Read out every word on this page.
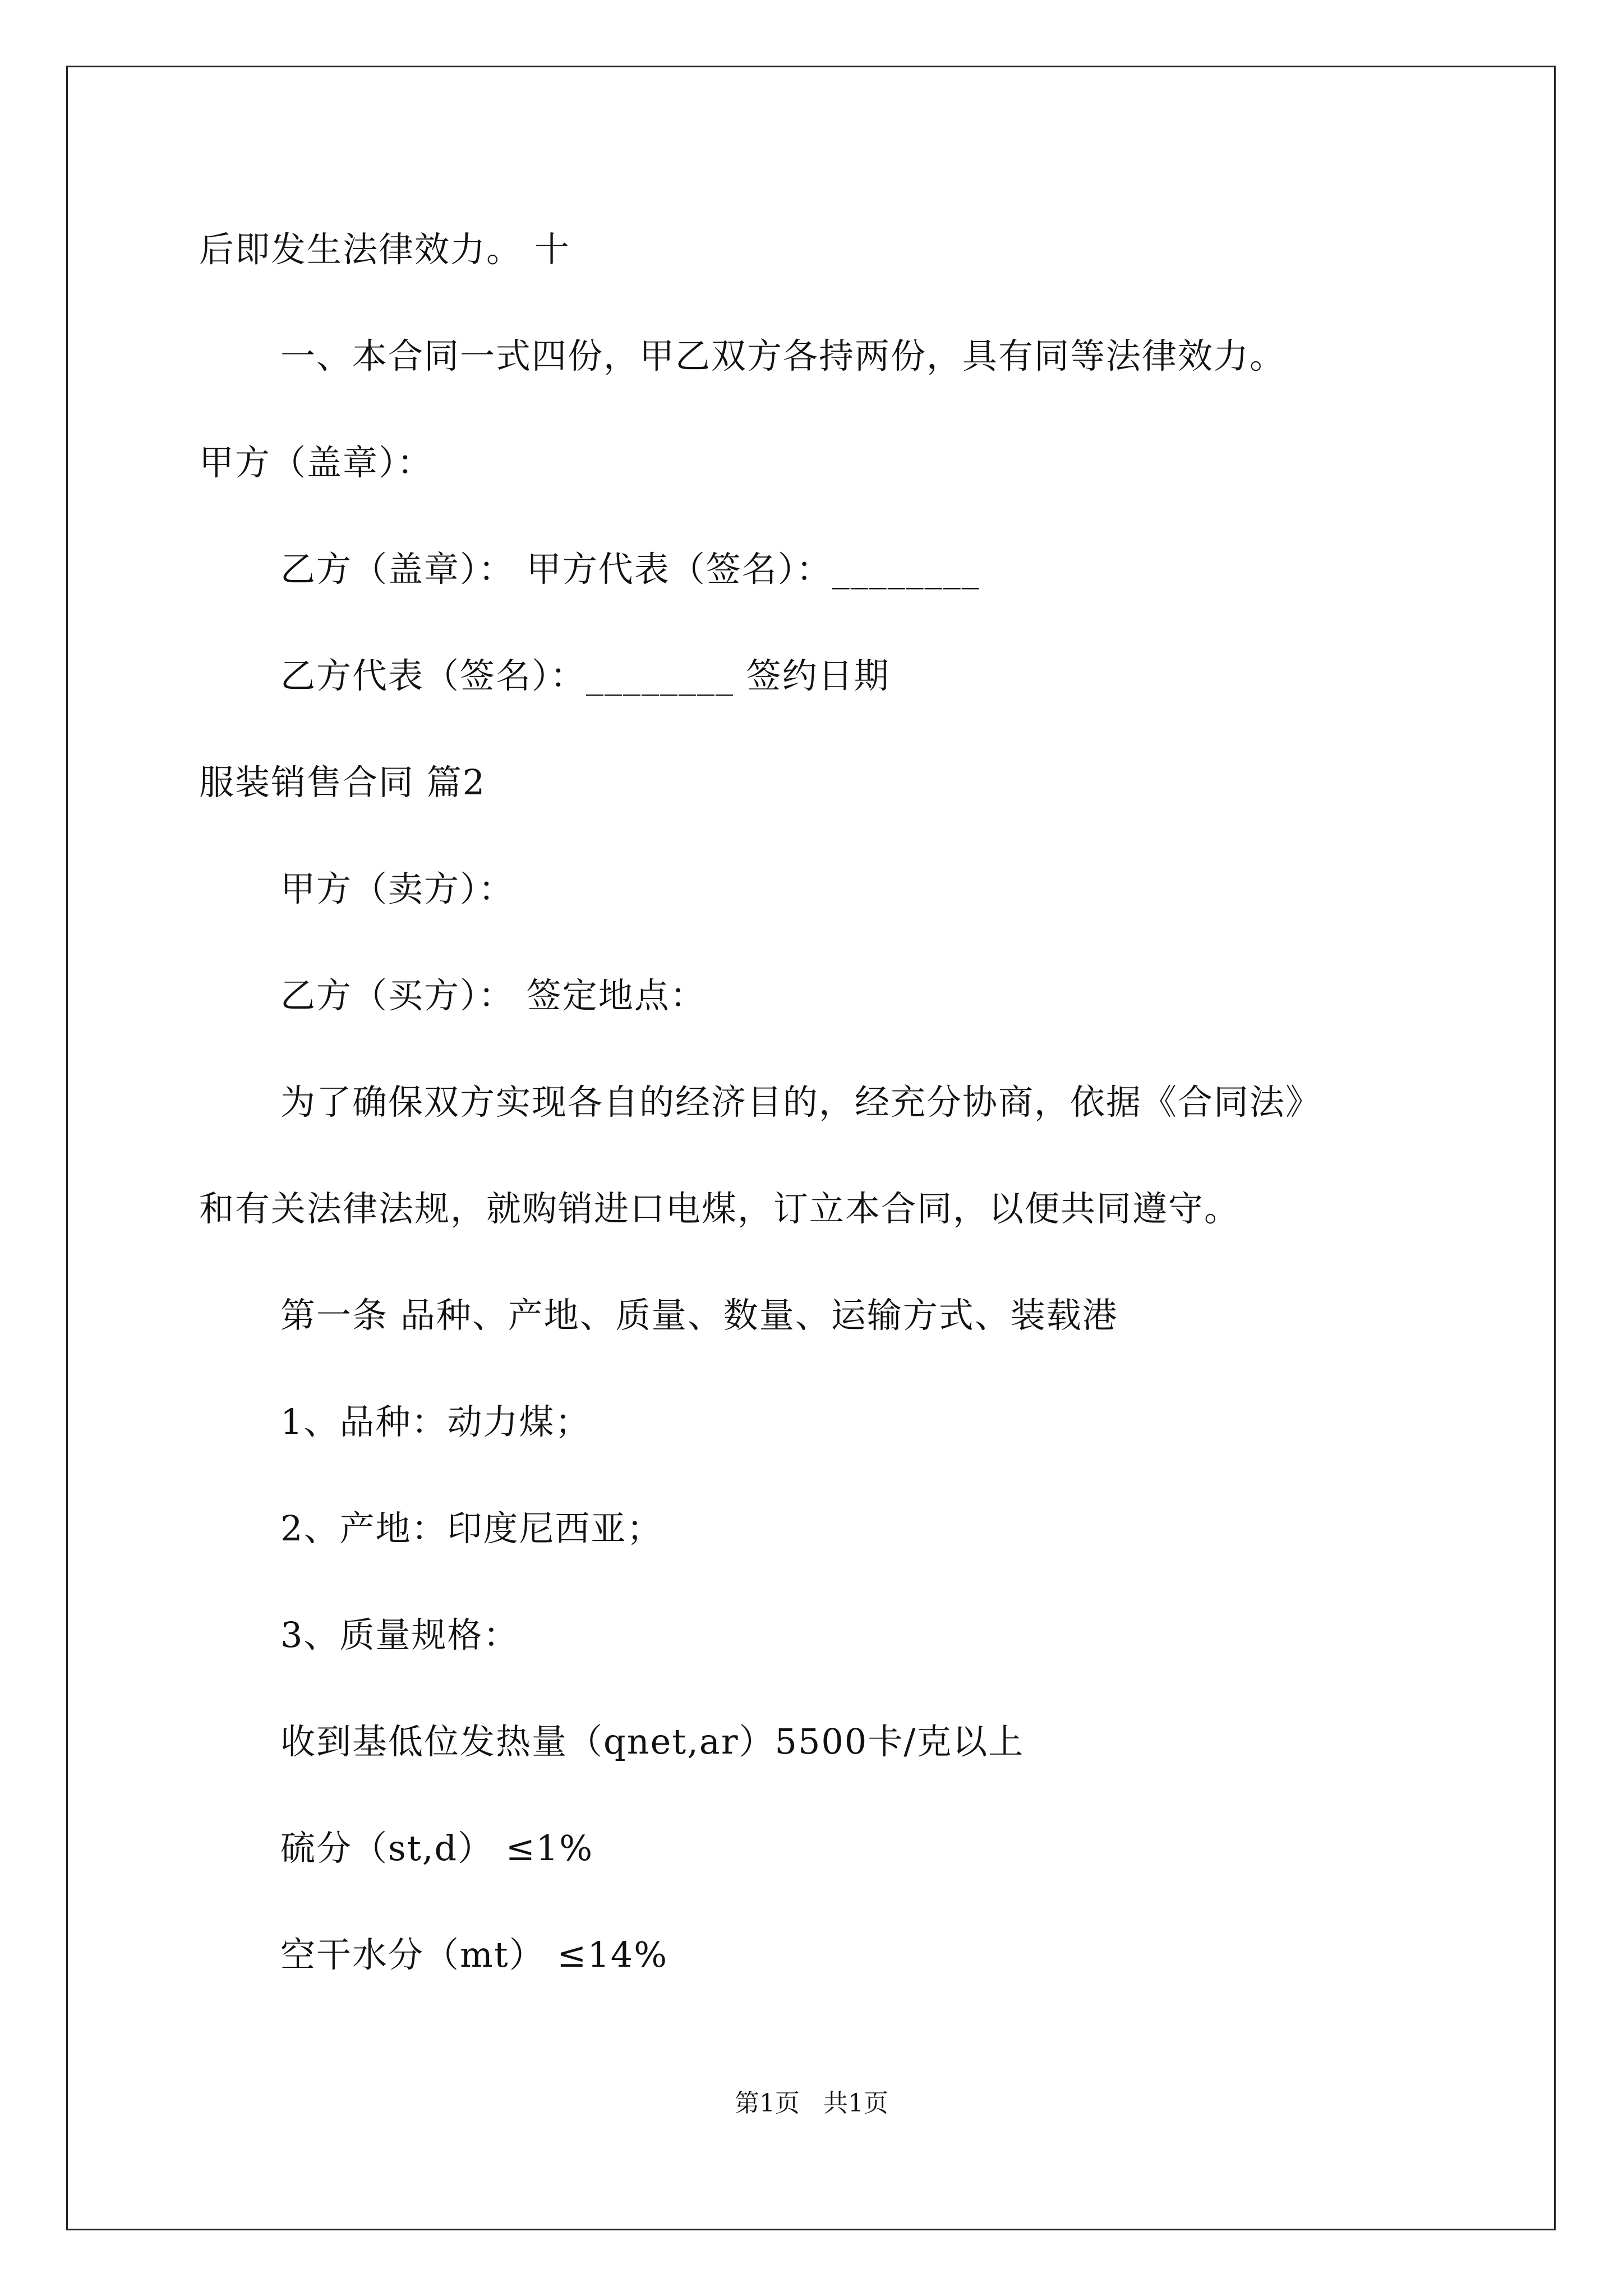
后即发生法律效力。 十
一、本合同一式四份，甲乙双方各持两份，具有同等法律效力。
甲方（盖章）：
乙方（盖章）： 甲方代表（签名）：________
乙方代表（签名）：________ 签约日期
服装销售合同 篇2
甲方（卖方）：
乙方（买方）： 签定地点：
为了确保双方实现各自的经济目的，经充分协商，依据《合同法》
和有关法律法规，就购销进口电煤，订立本合同，以便共同遵守。
第一条 品种、产地、质量、数量、运输方式、装载港
1、品种：动力煤；
2、产地：印度尼西亚；
3、质量规格：
收到基低位发热量（qnet,ar）5500卡/克以上
硫分（st,d） ≤1%
空干水分（mt） ≤14%
第1页 共1页
